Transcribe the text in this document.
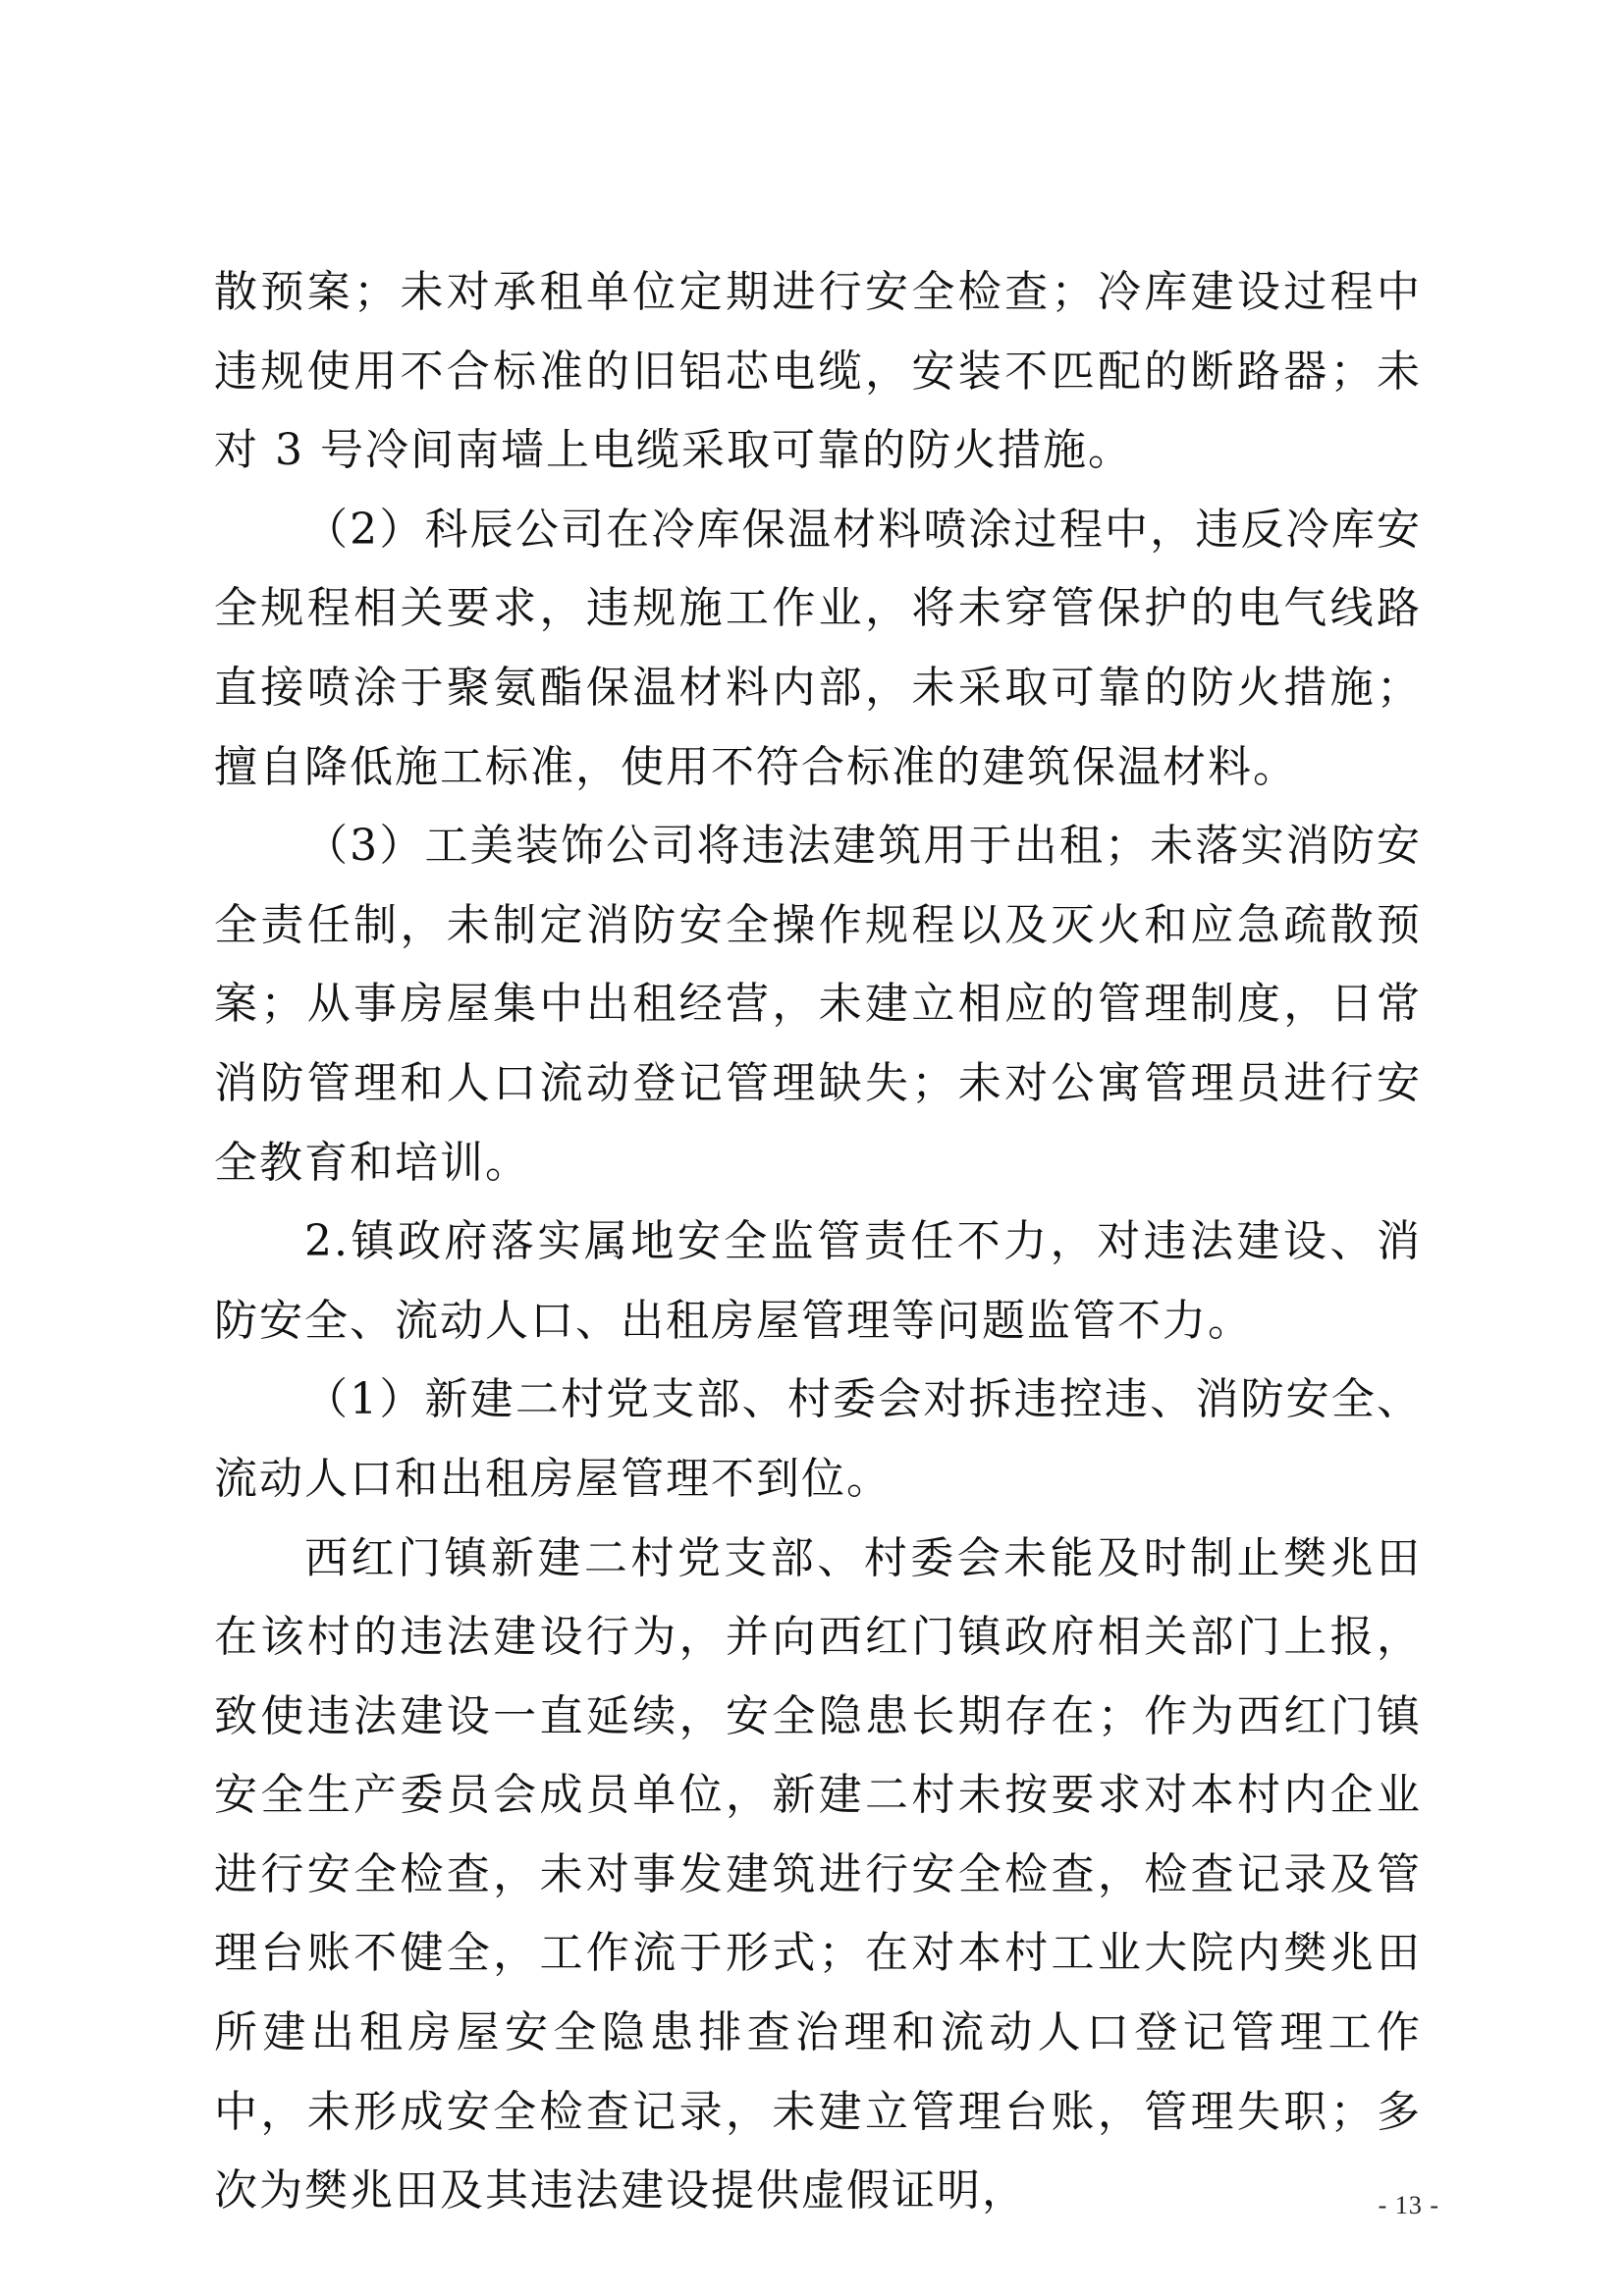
散预案；未对承租单位定期进行安全检查；冷库建设过程中违规使用不合标准的旧铝芯电缆，安装不匹配的断路器；未对 3 号冷间南墙上电缆采取可靠的防火措施。

（2）科辰公司在冷库保温材料喷涂过程中，违反冷库安全规程相关要求，违规施工作业，将未穿管保护的电气线路直接喷涂于聚氨酯保温材料内部，未采取可靠的防火措施；擅自降低施工标准，使用不符合标准的建筑保温材料。

（3）工美装饰公司将违法建筑用于出租；未落实消防安全责任制，未制定消防安全操作规程以及灭火和应急疏散预案；从事房屋集中出租经营，未建立相应的管理制度，日常消防管理和人口流动登记管理缺失；未对公寓管理员进行安全教育和培训。

2.镇政府落实属地安全监管责任不力，对违法建设、消防安全、流动人口、出租房屋管理等问题监管不力。

（1）新建二村党支部、村委会对拆违控违、消防安全、流动人口和出租房屋管理不到位。

西红门镇新建二村党支部、村委会未能及时制止樊兆田在该村的违法建设行为，并向西红门镇政府相关部门上报，致使违法建设一直延续，安全隐患长期存在；作为西红门镇安全生产委员会成员单位，新建二村未按要求对本村内企业进行安全检查，未对事发建筑进行安全检查，检查记录及管理台账不健全，工作流于形式；在对本村工业大院内樊兆田所建出租房屋安全隐患排查治理和流动人口登记管理工作中，未形成安全检查记录，未建立管理台账，管理失职；多次为樊兆田及其违法建设提供虚假证明，	- 13 -
